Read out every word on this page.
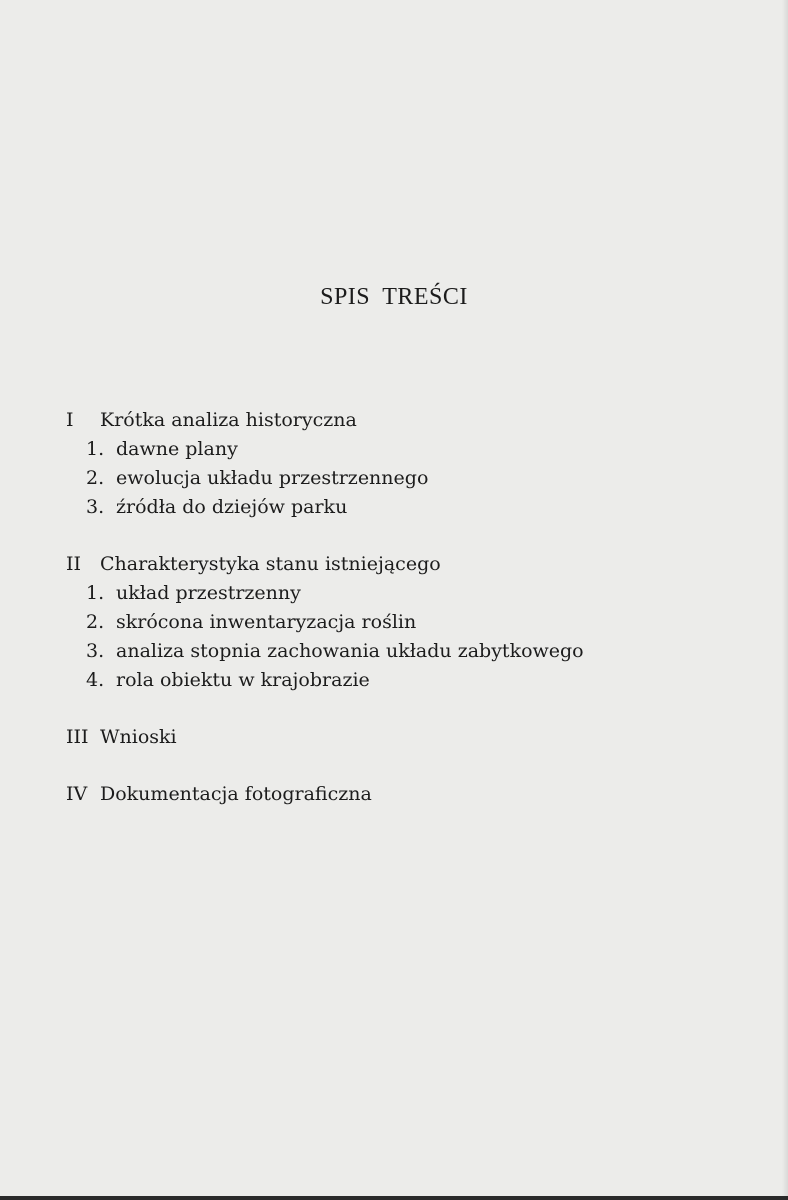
SPIS TREŚCI
I	Krótka analiza historyczna
1. dawne plany
2. ewolucja układu przestrzennego
3. źródła do dziejów parku
II Charakterystyka stanu istniejącego
1. układ przestrzenny
2. skrócona inwentaryzacja roślin
3. analiza stopnia zachowania układu zabytkowego
4. rola obiektu w krajobrazie
III Wnioski
IV Dokumentacja fotograficzna
